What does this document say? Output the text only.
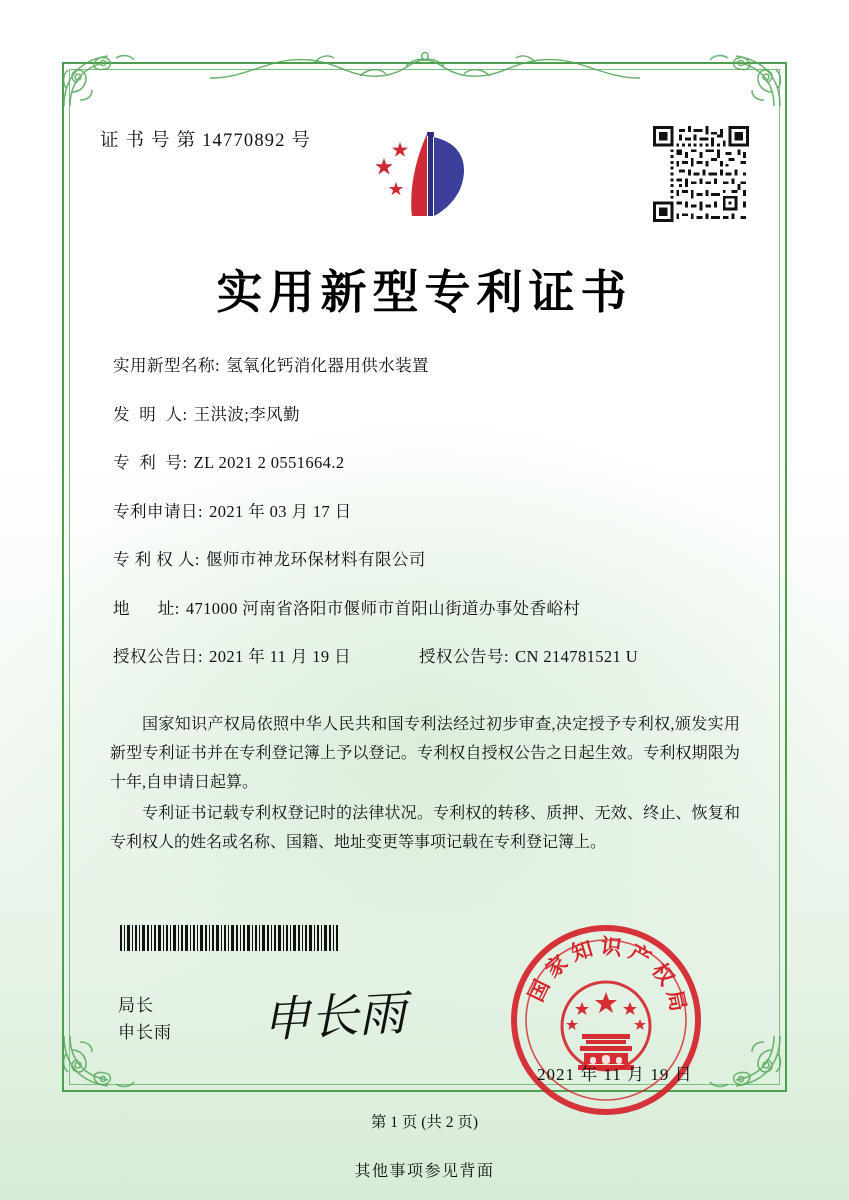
证 书 号 第 14770892 号
实用新型专利证书
实用新型名称: 氢氧化钙消化器用供水装置
发  明  人: 王洪波;李风勤
专  利  号: ZL 2021 2 0551664.2
专利申请日: 2021 年 03 月 17 日
专 利 权 人: 偃师市神龙环保材料有限公司
地      址: 471000 河南省洛阳市偃师市首阳山街道办事处香峪村
授权公告日: 2021 年 11 月 19 日	授权公告号: CN 214781521 U

国家知识产权局依照中华人民共和国专利法经过初步审查,决定授予专利权,颁发实用新型专利证书并在专利登记簿上予以登记。专利权自授权公告之日起生效。专利权期限为十年,自申请日起算。

专利证书记载专利权登记时的法律状况。专利权的转移、质押、无效、终止、恢复和专利权人的姓名或名称、国籍、地址变更等事项记载在专利登记簿上。

局长
申长雨 申长雨	国家知识产权局
2021 年 11 月 19 日
第 1 页 (共 2 页)
其他事项参见背面
